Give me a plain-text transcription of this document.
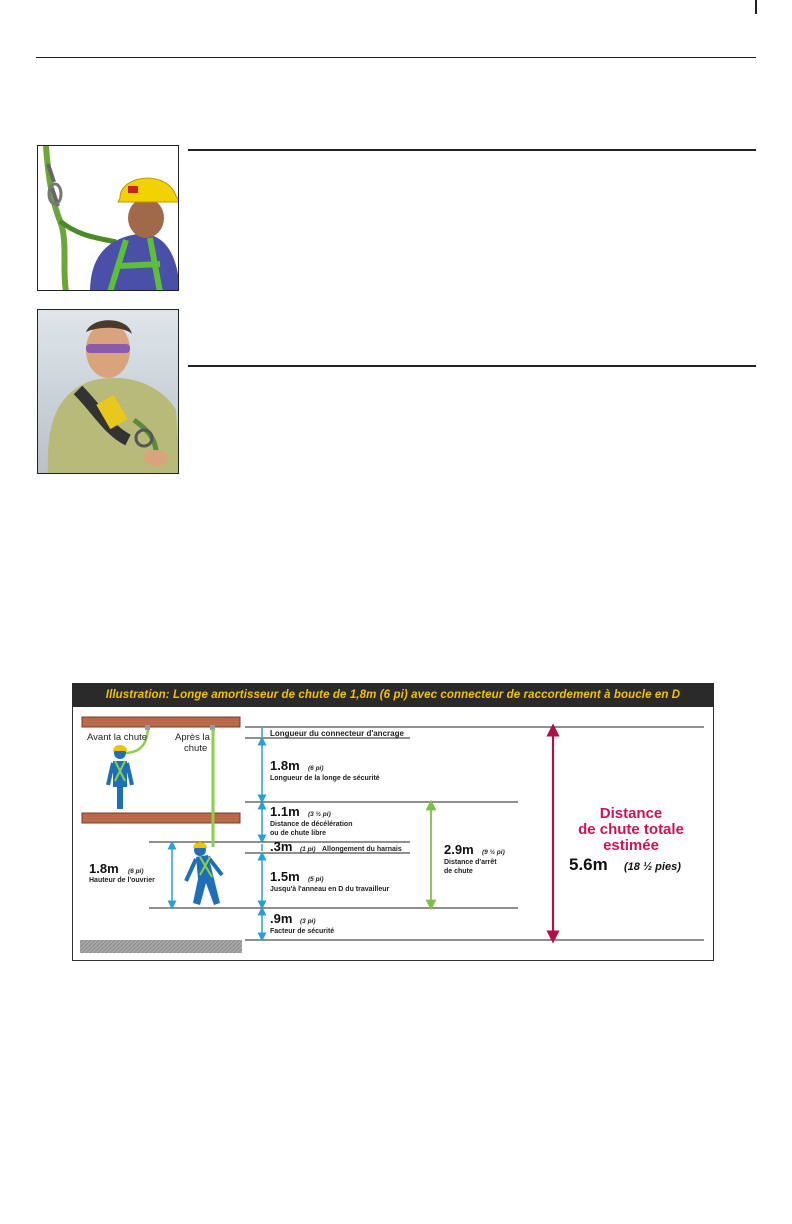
Illustration: Longe amortisseur de chute de 1,8m (6 pi) avec connecteur de raccordement à boucle en D
Avant la chute	Après la
chute
Longueur du connecteur d'ancrage
1.8m (6 pi)
Longueur de la longe de sécurité
1.1m (3 ½ pi)
Distance de décélération
ou de chute libre
.3m (1 pi) Allongement du harnais
1.5m (5 pi)
Jusqu'à l'anneau en D du travailleur
.9m (3 pi)
Facteur de sécurité
1.8m (6 pi)
Hauteur de l'ouvrier
2.9m (9 ½ pi)
Distance d'arrêt
de chute
Distance
de chute totale
estimée
5.6m (18 ½ pies)
